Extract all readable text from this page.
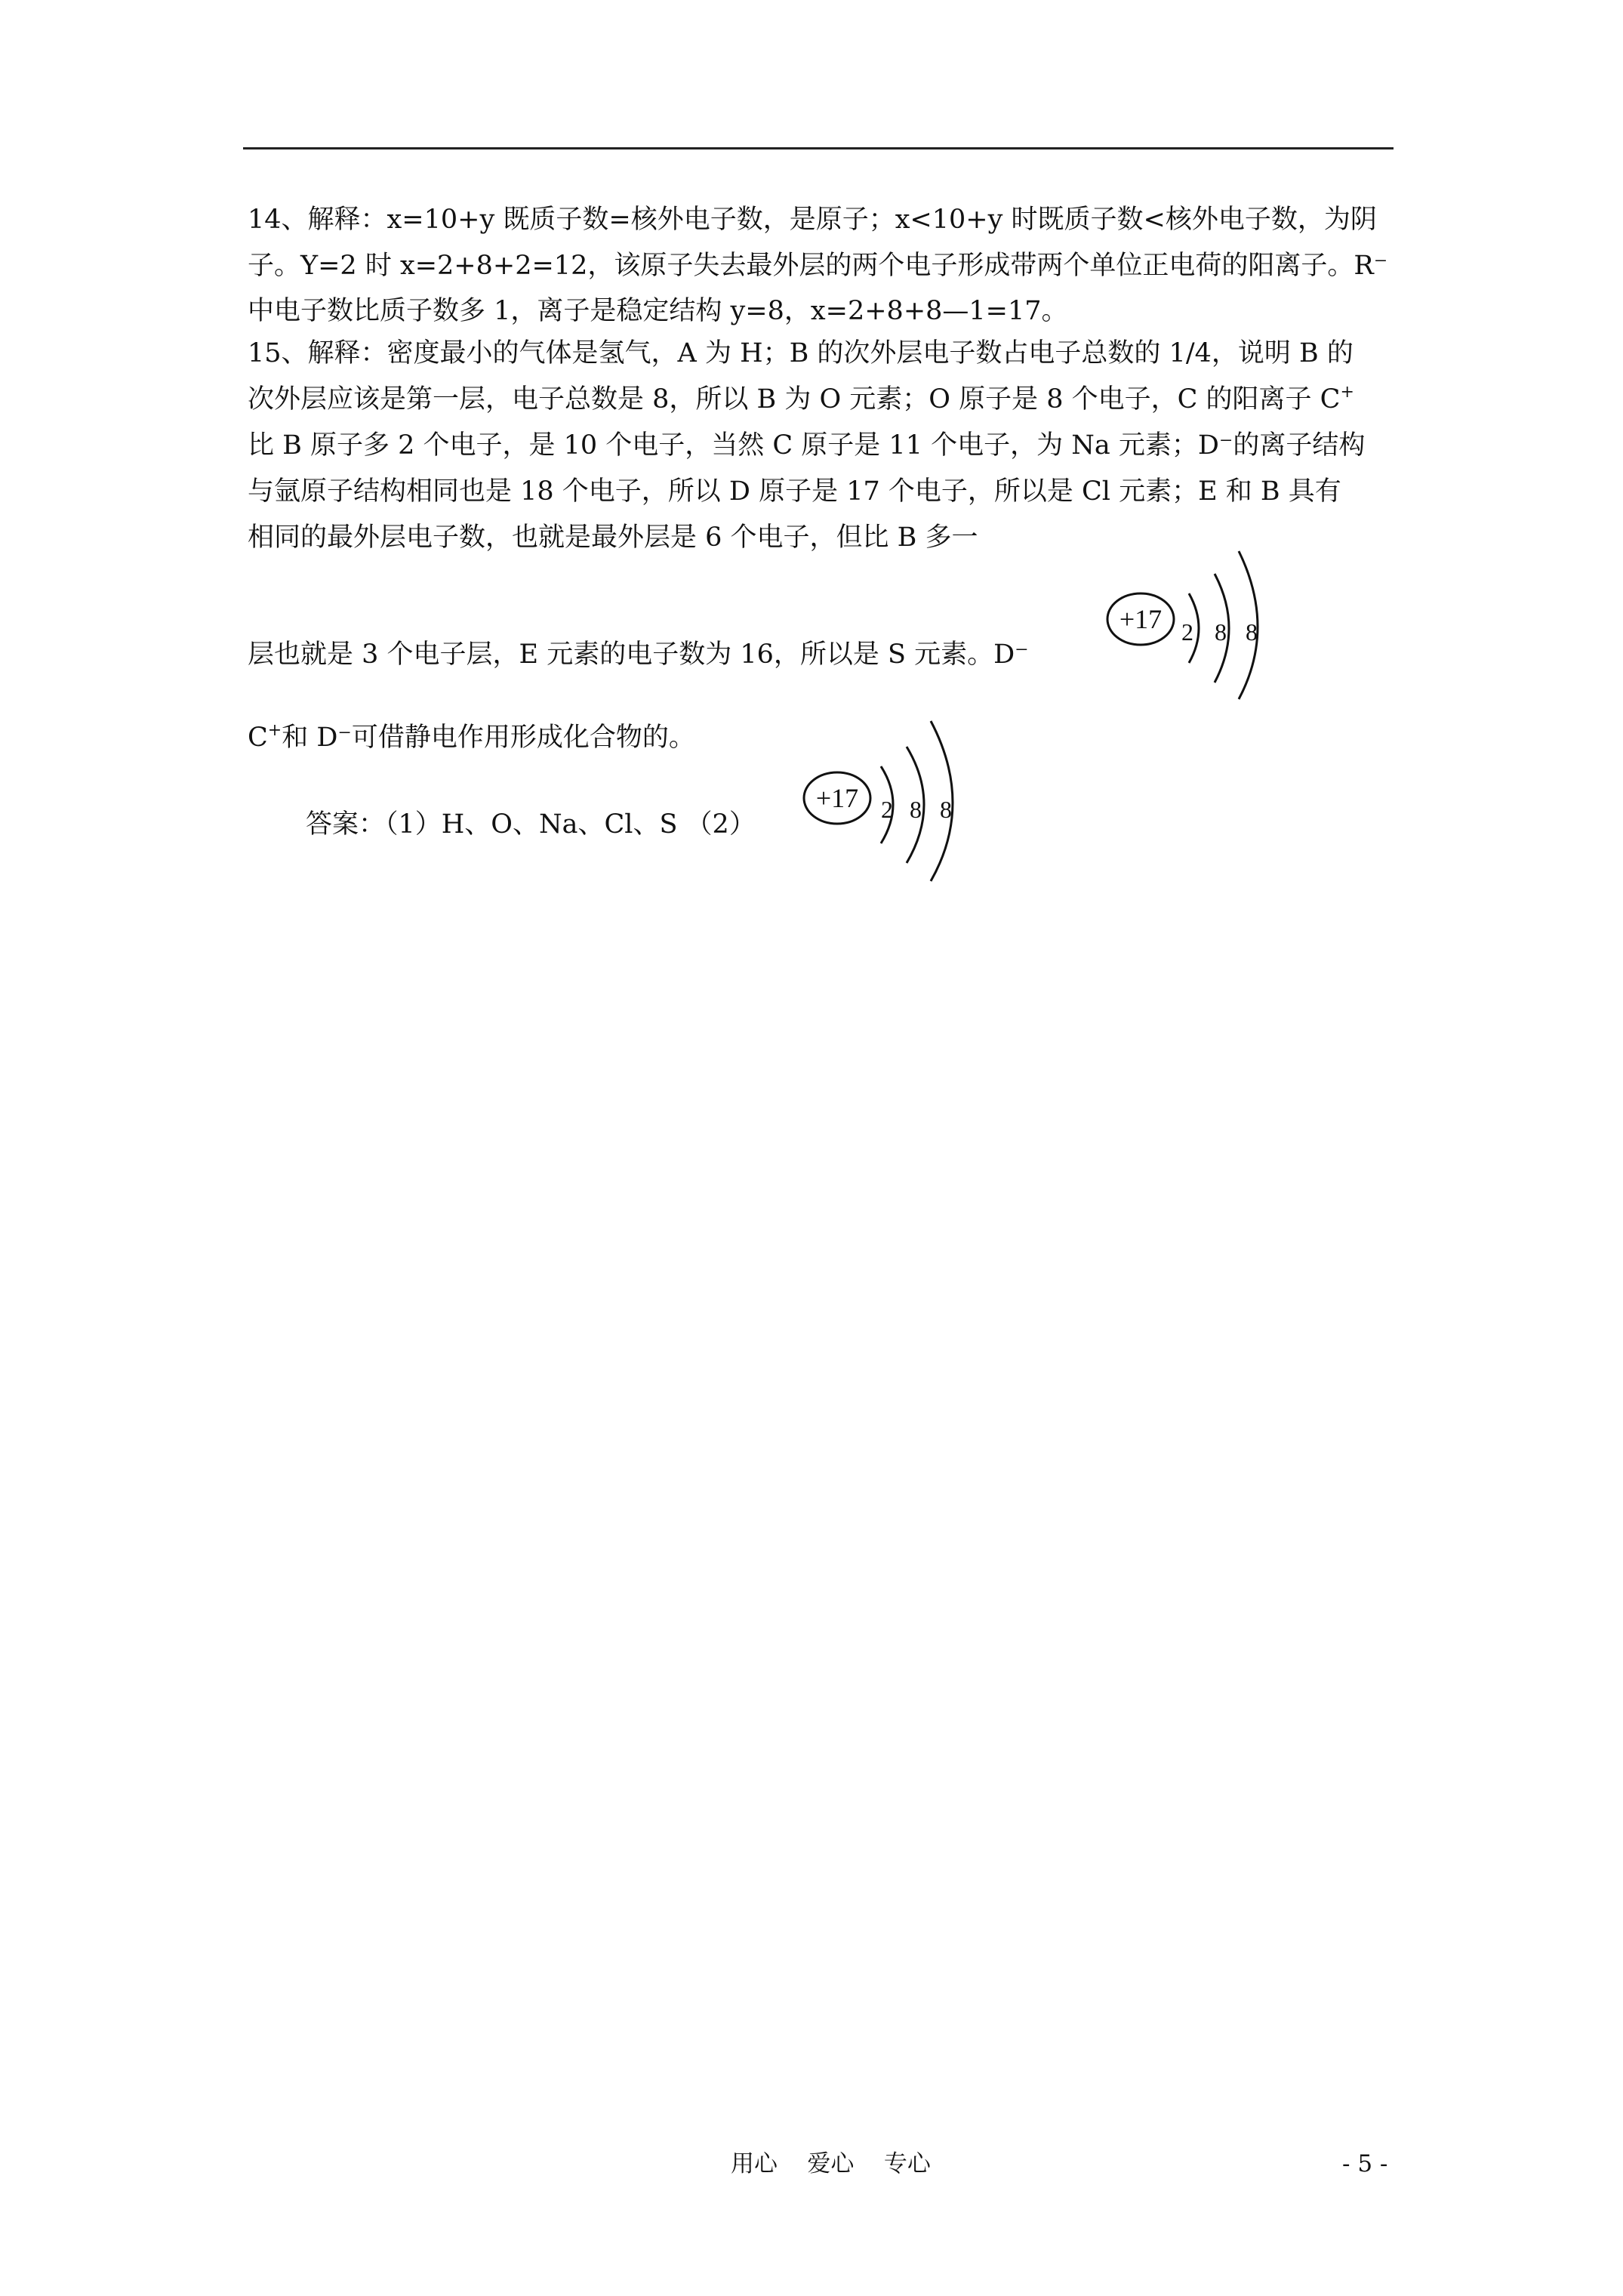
14、解释：x=10+y 既质子数=核外电子数，是原子；x<10+y 时既质子数<核外电子数，为阴
子。Y=2 时 x=2+8+2=12，该原子失去最外层的两个电子形成带两个单位正电荷的阳离子。R⁻
中电子数比质子数多 1，离子是稳定结构 y=8，x=2+8+8—1=17。
15、解释：密度最小的气体是氢气，A 为 H；B 的次外层电子数占电子总数的 1/4，说明 B 的
次外层应该是第一层，电子总数是 8，所以 B 为 O 元素；O 原子是 8 个电子，C 的阳离子 C+
比 B 原子多 2 个电子，是 10 个电子，当然 C 原子是 11 个电子，为 Na 元素；D⁻的离子结构
与氩原子结构相同也是 18 个电子，所以 D 原子是 17 个电子，所以是 Cl 元素；E 和 B 具有
相同的最外层电子数，也就是最外层是 6 个电子，但比 B 多一
层也就是 3 个电子层，E 元素的电子数为 16，所以是 S 元素。D⁻
C+和 D⁻可借静电作用形成化合物的。
答案：（1）H、O、Na、Cl、S （2）
+17 2 8 8
+17 2 8 8
用心    爱心    专心	- 5 -
